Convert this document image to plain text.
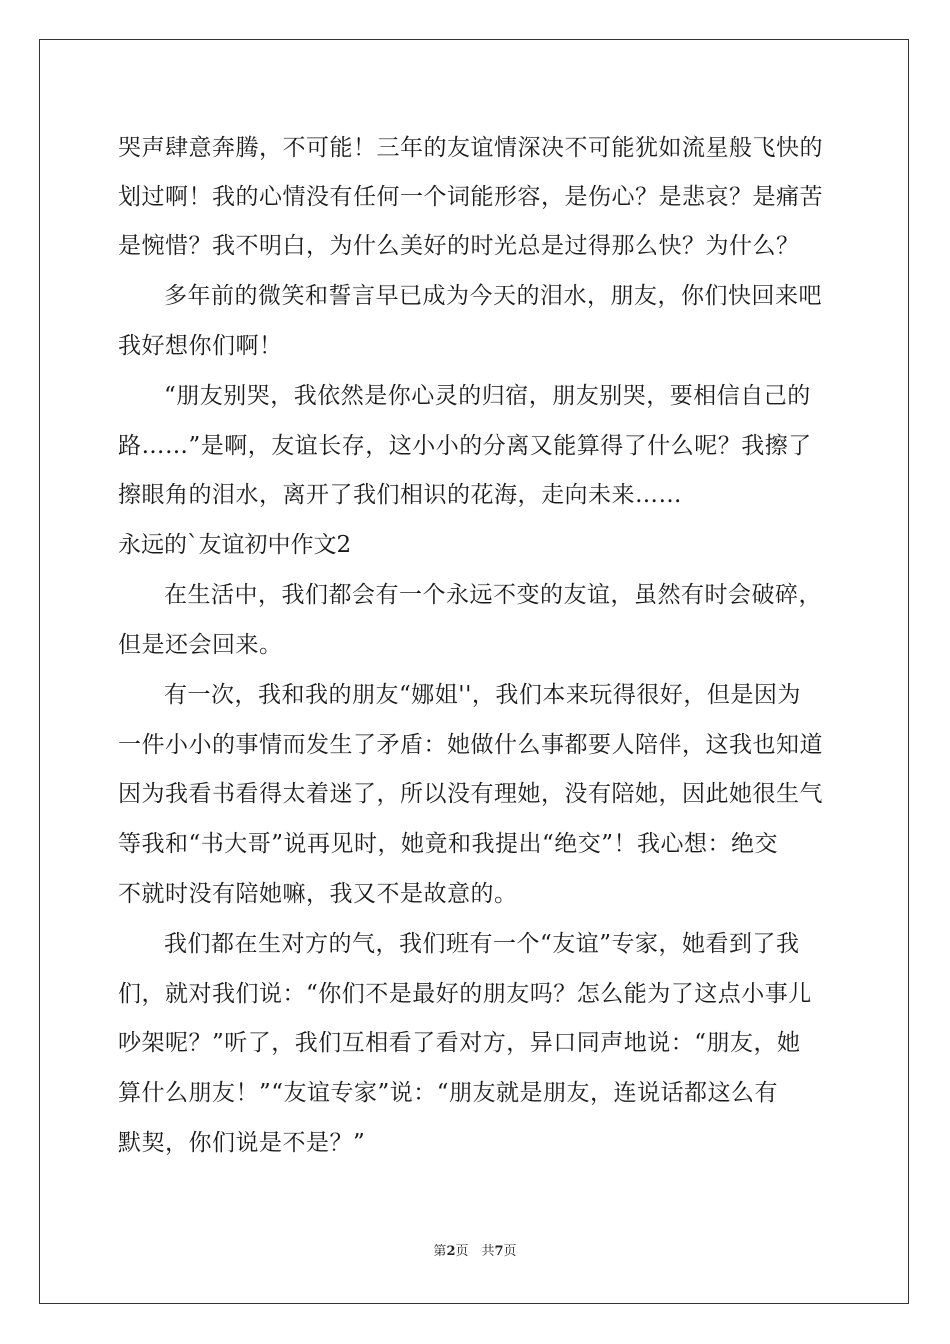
哭声肆意奔腾，不可能！三年的友谊情深决不可能犹如流星般飞快的
划过啊！我的心情没有任何一个词能形容，是伤心？是悲哀？是痛苦
是惋惜？我不明白，为什么美好的时光总是过得那么快？为什么？
多年前的微笑和誓言早已成为今天的泪水，朋友，你们快回来吧
我好想你们啊！
“朋友别哭，我依然是你心灵的归宿，朋友别哭，要相信自己的
路……”是啊，友谊长存，这小小的分离又能算得了什么呢？我擦了
擦眼角的泪水，离开了我们相识的花海，走向未来……
永远的`友谊初中作文2
在生活中，我们都会有一个永远不变的友谊，虽然有时会破碎，
但是还会回来。
有一次，我和我的朋友“娜姐''，我们本来玩得很好，但是因为
一件小小的事情而发生了矛盾：她做什么事都要人陪伴，这我也知道
因为我看书看得太着迷了，所以没有理她，没有陪她，因此她很生气
等我和“书大哥”说再见时，她竟和我提出“绝交”！我心想：绝交
不就时没有陪她嘛，我又不是故意的。
我们都在生对方的气，我们班有一个“友谊”专家，她看到了我
们，就对我们说：“你们不是最好的朋友吗？怎么能为了这点小事儿
吵架呢？”听了，我们互相看了看对方，异口同声地说：“朋友，她
算什么朋友！”“友谊专家”说：“朋友就是朋友，连说话都这么有
默契，你们说是不是？”
第2页　共7页
